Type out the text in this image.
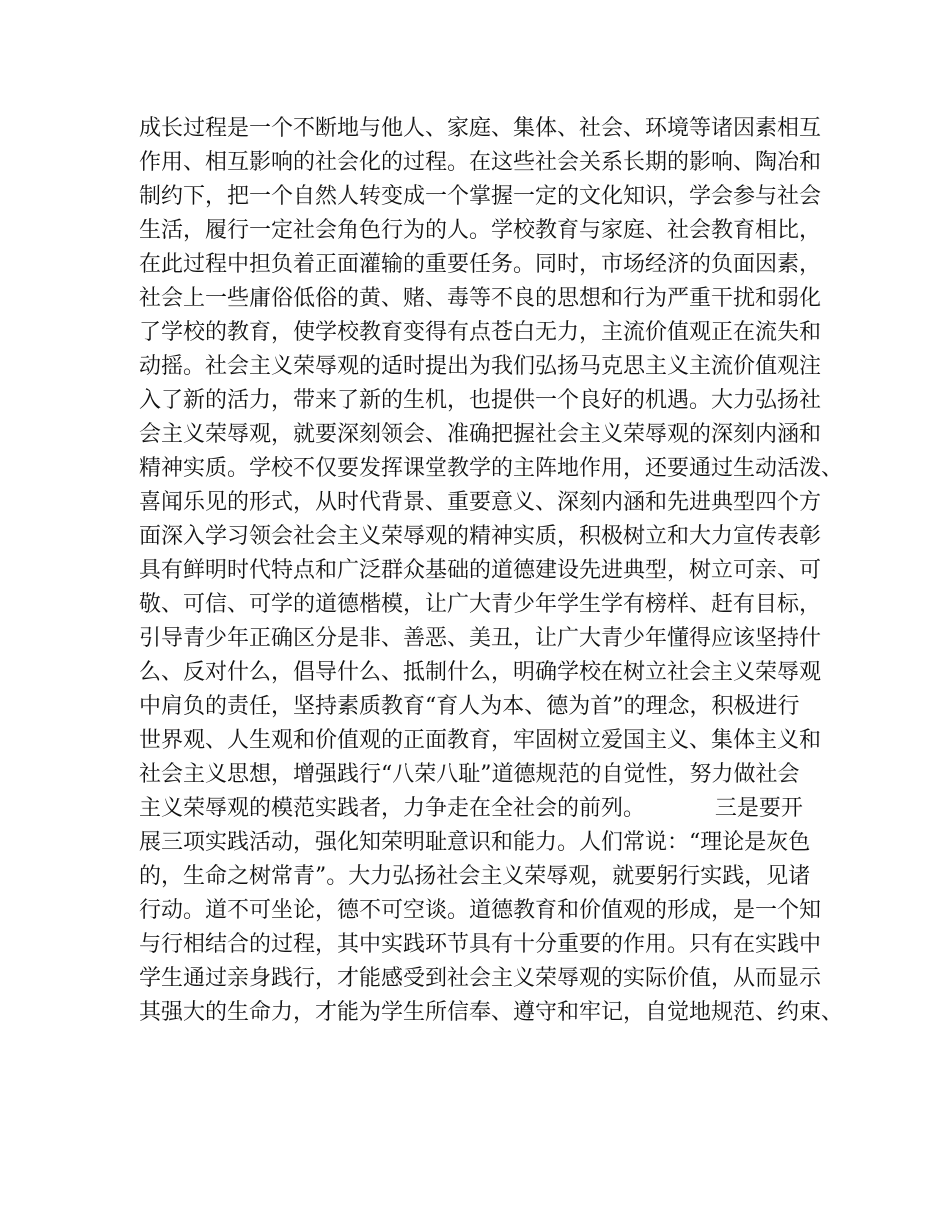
成长过程是一个不断地与他人、家庭、集体、社会、环境等诸因素相互
作用、相互影响的社会化的过程。在这些社会关系长期的影响、陶冶和
制约下，把一个自然人转变成一个掌握一定的文化知识，学会参与社会
生活，履行一定社会角色行为的人。学校教育与家庭、社会教育相比，
在此过程中担负着正面灌输的重要任务。同时，市场经济的负面因素，
社会上一些庸俗低俗的黄、赌、毒等不良的思想和行为严重干扰和弱化
了学校的教育，使学校教育变得有点苍白无力，主流价值观正在流失和
动摇。社会主义荣辱观的适时提出为我们弘扬马克思主义主流价值观注
入了新的活力，带来了新的生机，也提供一个良好的机遇。大力弘扬社
会主义荣辱观，就要深刻领会、准确把握社会主义荣辱观的深刻内涵和
精神实质。学校不仅要发挥课堂教学的主阵地作用，还要通过生动活泼、
喜闻乐见的形式，从时代背景、重要意义、深刻内涵和先进典型四个方
面深入学习领会社会主义荣辱观的精神实质，积极树立和大力宣传表彰
具有鲜明时代特点和广泛群众基础的道德建设先进典型，树立可亲、可
敬、可信、可学的道德楷模，让广大青少年学生学有榜样、赶有目标，
引导青少年正确区分是非、善恶、美丑，让广大青少年懂得应该坚持什
么、反对什么，倡导什么、抵制什么，明确学校在树立社会主义荣辱观
中肩负的责任，坚持素质教育“育人为本、德为首”的理念，积极进行
世界观、人生观和价值观的正面教育，牢固树立爱国主义、集体主义和
社会主义思想，增强践行“八荣八耻”道德规范的自觉性，努力做社会
主义荣辱观的模范实践者，力争走在全社会的前列。          三是要开
展三项实践活动，强化知荣明耻意识和能力。人们常说：“理论是灰色
的，生命之树常青”。大力弘扬社会主义荣辱观，就要躬行实践，见诸
行动。道不可坐论，德不可空谈。道德教育和价值观的形成，是一个知
与行相结合的过程，其中实践环节具有十分重要的作用。只有在实践中
学生通过亲身践行，才能感受到社会主义荣辱观的实际价值，从而显示
其强大的生命力，才能为学生所信奉、遵守和牢记，自觉地规范、约束、
